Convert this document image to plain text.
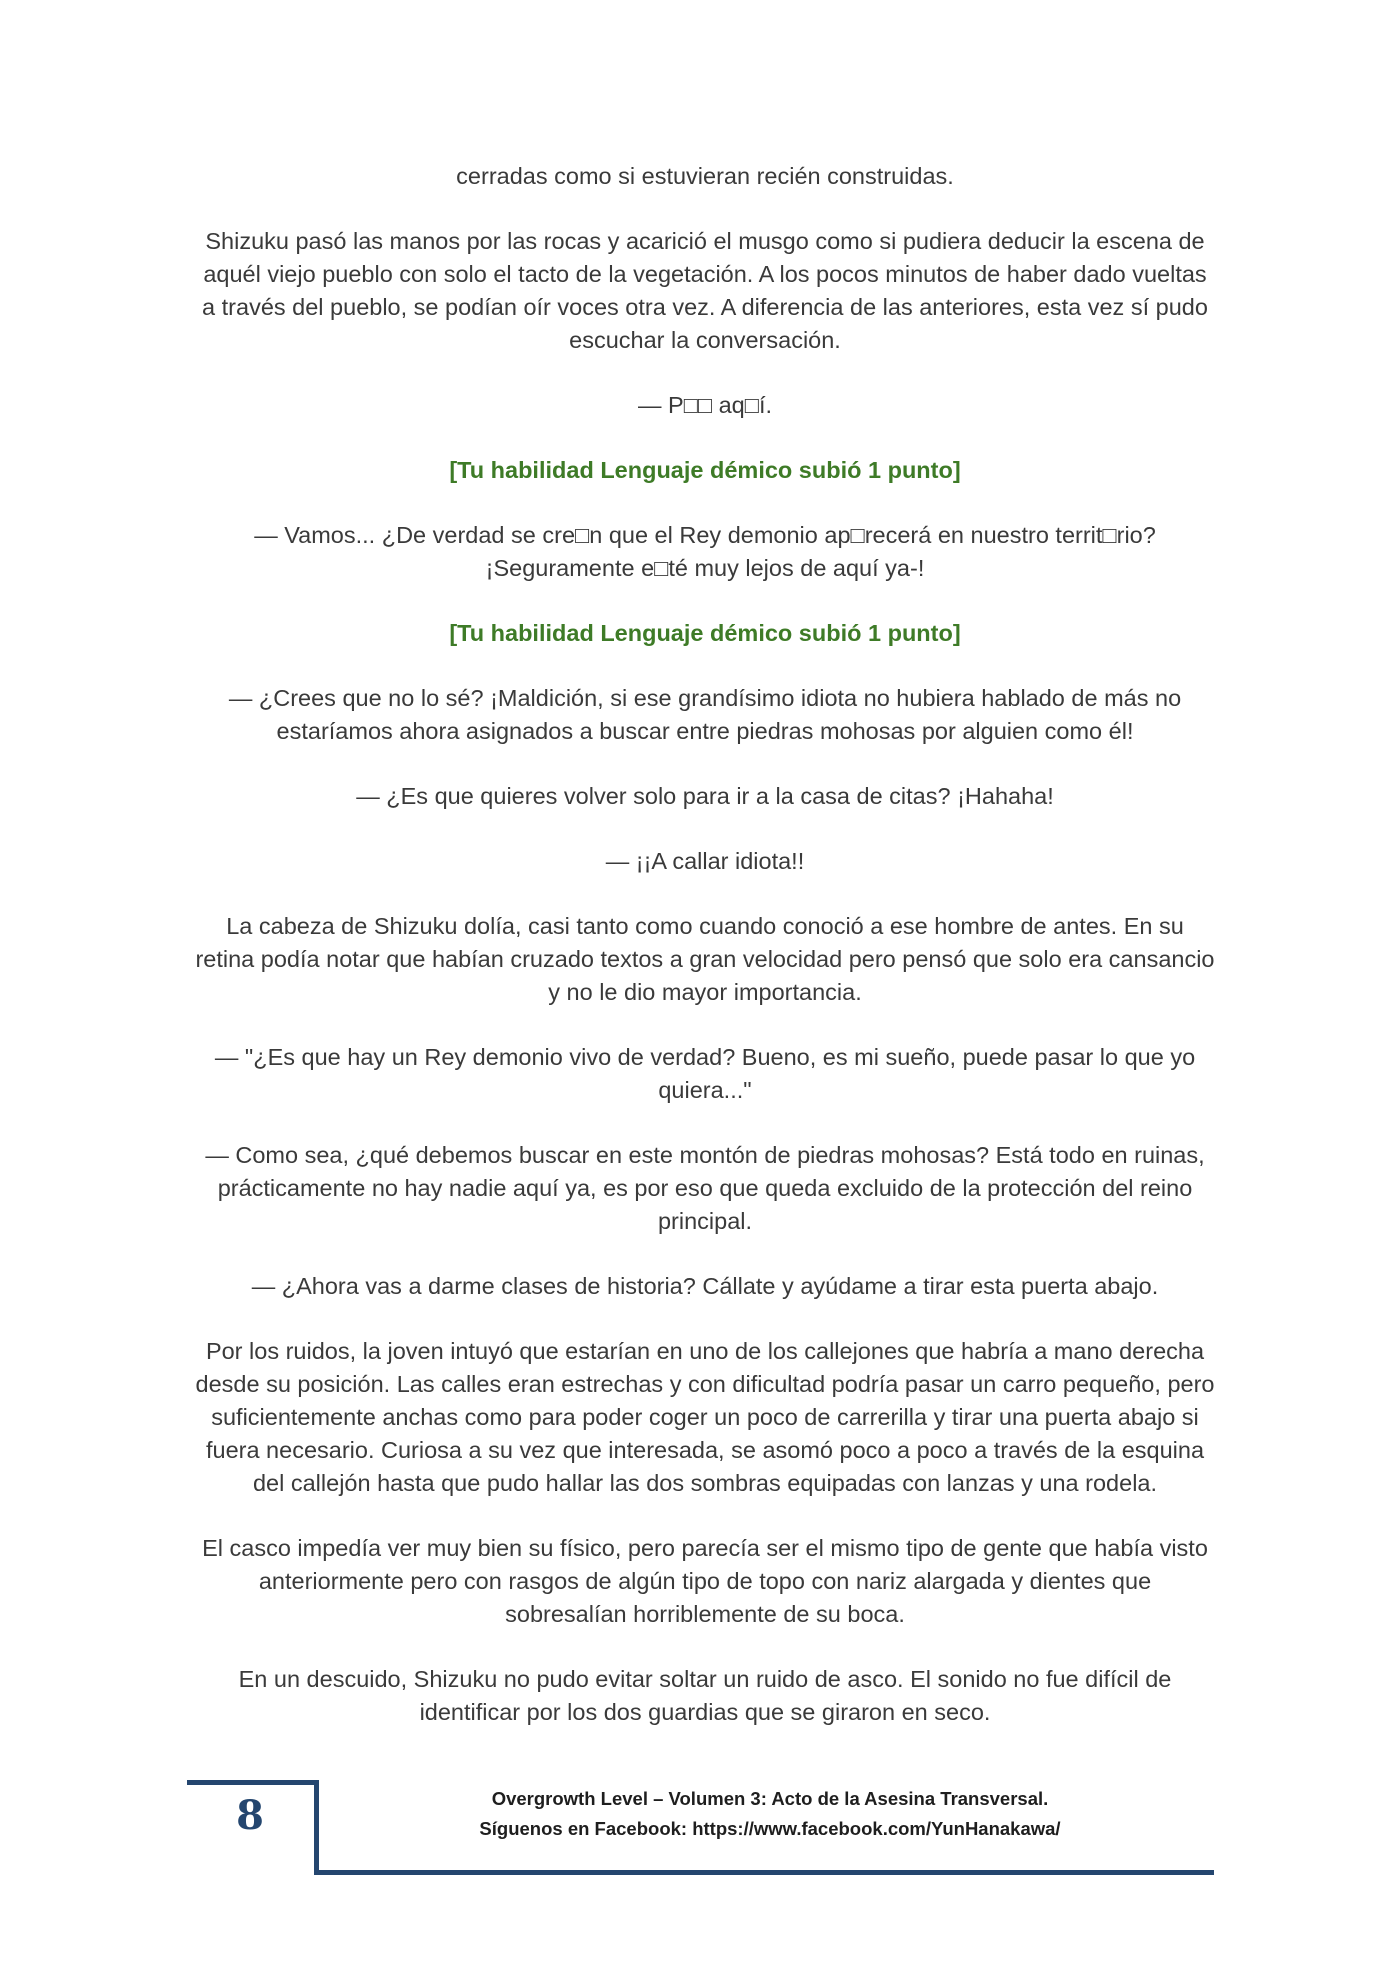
cerradas como si estuvieran recién construidas.

Shizuku pasó las manos por las rocas y acarició el musgo como si pudiera deducir la escena de aquél viejo pueblo con solo el tacto de la vegetación. A los pocos minutos de haber dado vueltas a través del pueblo, se podían oír voces otra vez. A diferencia de las anteriores, esta vez sí pudo escuchar la conversación.

— P□□ aq□í.

[Tu habilidad Lenguaje démico subió 1 punto]

— Vamos... ¿De verdad se cre□n que el Rey demonio ap□recerá en nuestro territ□rio? ¡Seguramente e□té muy lejos de aquí ya-!

[Tu habilidad Lenguaje démico subió 1 punto]

— ¿Crees que no lo sé? ¡Maldición, si ese grandísimo idiota no hubiera hablado de más no estaríamos ahora asignados a buscar entre piedras mohosas por alguien como él!

— ¿Es que quieres volver solo para ir a la casa de citas? ¡Hahaha!

— ¡¡A callar idiota!!

La cabeza de Shizuku dolía, casi tanto como cuando conoció a ese hombre de antes. En su retina podía notar que habían cruzado textos a gran velocidad pero pensó que solo era cansancio y no le dio mayor importancia.

— "¿Es que hay un Rey demonio vivo de verdad? Bueno, es mi sueño, puede pasar lo que yo quiera..."

— Como sea, ¿qué debemos buscar en este montón de piedras mohosas? Está todo en ruinas, prácticamente no hay nadie aquí ya, es por eso que queda excluido de la protección del reino principal.

— ¿Ahora vas a darme clases de historia? Cállate y ayúdame a tirar esta puerta abajo.

Por los ruidos, la joven intuyó que estarían en uno de los callejones que habría a mano derecha desde su posición. Las calles eran estrechas y con dificultad podría pasar un carro pequeño, pero suficientemente anchas como para poder coger un poco de carrerilla y tirar una puerta abajo si fuera necesario. Curiosa a su vez que interesada, se asomó poco a poco a través de la esquina del callejón hasta que pudo hallar las dos sombras equipadas con lanzas y una rodela.

El casco impedía ver muy bien su físico, pero parecía ser el mismo tipo de gente que había visto anteriormente pero con rasgos de algún tipo de topo con nariz alargada y dientes que sobresalían horriblemente de su boca.

En un descuido, Shizuku no pudo evitar soltar un ruido de asco. El sonido no fue difícil de identificar por los dos guardias que se giraron en seco.

8	Overgrowth Level – Volumen 3: Acto de la Asesina Transversal.
Síguenos en Facebook: https://www.facebook.com/YunHanakawa/
